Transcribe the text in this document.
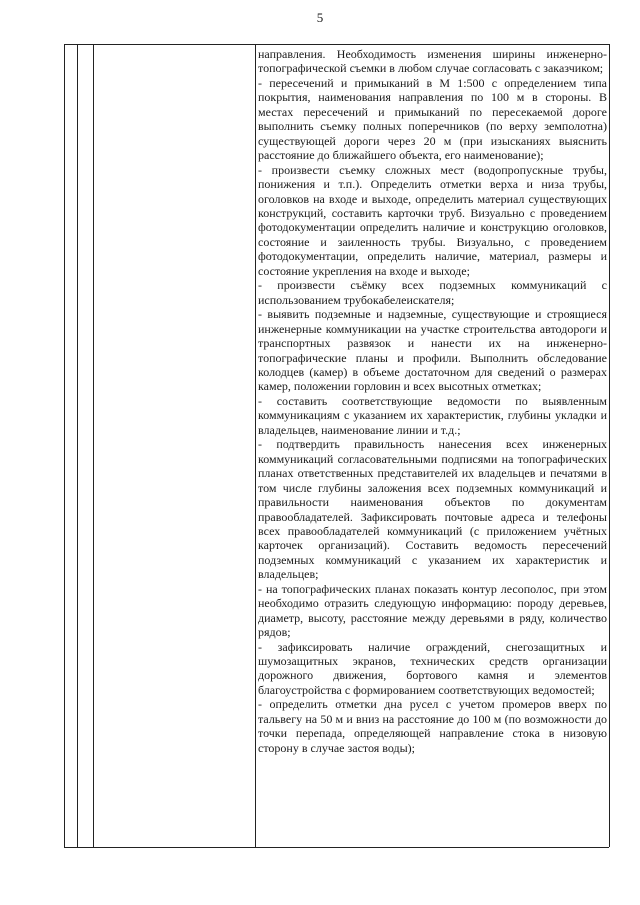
5

направления. Необходимость изменения ширины инженерно-топографической съемки в любом случае согласовать с заказчиком;

- пересечений и примыканий в М 1:500 с определением типа покрытия, наименования направления по 100 м в стороны. В местах пересечений и примыканий по пересекаемой дороге выполнить съемку полных поперечников (по верху земполотна) существующей дороги через 20 м (при изысканиях выяснить расстояние до ближайшего объекта, его наименование);

- произвести съемку сложных мест (водопропускные трубы, понижения и т.п.). Определить отметки верха и низа трубы, оголовков на входе и выходе, определить материал существующих конструкций, составить карточки труб. Визуально с проведением фотодокументации определить наличие и конструкцию оголовков, состояние и заиленность трубы. Визуально, с проведением фотодокументации, определить наличие, материал, размеры и состояние укрепления на входе и выходе;

- произвести съёмку всех подземных коммуникаций с использованием трубокабелеискателя;

- выявить подземные и надземные, существующие и строящиеся инженерные коммуникации на участке строительства автодороги и транспортных развязок и нанести их на инженерно-топографические планы и профили. Выполнить обследование колодцев (камер) в объеме достаточном для сведений о размерах камер, положении горловин и всех высотных отметках;

- составить соответствующие ведомости по выявленным коммуникациям с указанием их характеристик, глубины укладки и владельцев, наименование линии и т.д.;

- подтвердить правильность нанесения всех инженерных коммуникаций согласовательными подписями на топографических планах ответственных представителей их владельцев и печатями в том числе глубины заложения всех подземных коммуникаций и правильности наименования объектов по документам правообладателей. Зафиксировать почтовые адреса и телефоны всех правообладателей коммуникаций (с приложением учётных карточек организаций). Составить ведомость пересечений подземных коммуникаций с указанием их характеристик и владельцев;

- на топографических планах показать контур лесополос, при этом необходимо отразить следующую информацию: породу деревьев, диаметр, высоту, расстояние между деревьями в ряду, количество рядов;

- зафиксировать наличие ограждений, снегозащитных и шумозащитных экранов, технических средств организации дорожного движения, бортового камня и элементов благоустройства с формированием соответствующих ведомостей;

- определить отметки дна русел с учетом промеров вверх по тальвегу на 50 м и вниз на расстояние до 100 м (по возможности до точки перепада, определяющей направление стока в низовую сторону в случае застоя воды);
